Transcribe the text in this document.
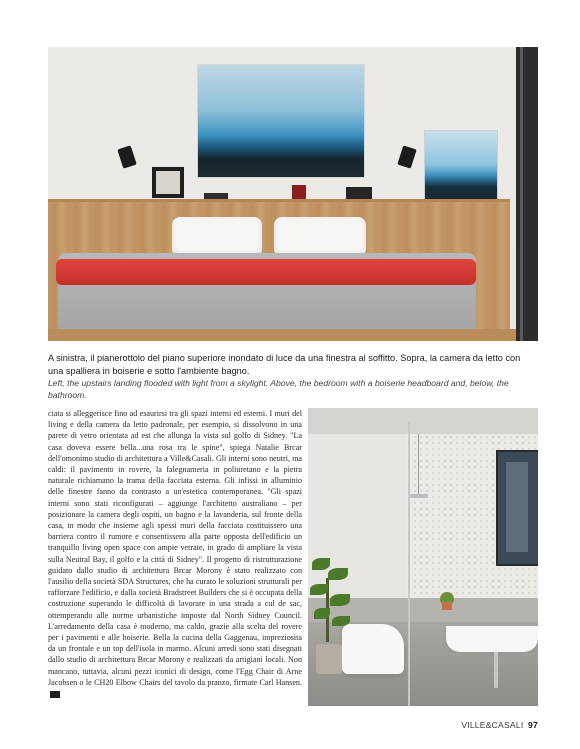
A sinistra, il pianerottolo del piano superiore inondato di luce da una finestra al soffitto. Sopra, la camera da letto con una spalliera in boiserie e sotto l'ambiente bagno.

Left, the upstairs landing flooded with light from a skylight. Above, the bedroom with a boiserie headboard and, below, the bathroom.

ciata si alleggerisce fino ad esaurirsi tra gli spazi interni ed esterni. I muri del living e della camera da letto padronale, per esempio, si dissolvono in una parete di vetro orientata ad est che allunga la vista sul golfo di Sidney. "La casa doveva essere bella...una rosa tra le spine", spiega Natalie Brcar dell'omonimo studio di architettura a Ville&Casali. Gli interni sono neutri, ma caldi: il pavimento in rovere, la falegnameria in poliuretano e la pietra naturale richiamano la trama della facciata esterna. Gli infissi in alluminio delle finestre fanno da contrasto a un'estetica contemporanea. "Gli spazi interni sono stati riconfigurati – aggiunge l'architetto australiano – per posizionare la camera degli ospiti, un bagno e la lavanderia, sul fronte della casa, in modo che insieme agli spessi muri della facciata costituissero una barriera contro il rumore e consentissero alla parte opposta dell'edificio un tranquillo living open space con ampie vetrate, in grado di ampliare la vista sulla Neutral Bay, il golfo e la città di Sidney". Il progetto di ristrutturazione guidato dallo studio di architettura Brcar Morony è stato realizzato con l'ausilio della società SDA Structures, che ha curato le soluzioni strutturali per rafforzare l'edificio, e dalla società Bradstreet Builders che si è occupata della costruzione superando le difficoltà di lavorare in una strada a cul de sac, ottemperando alle norme urbanistiche imposte dal North Sidney Council. L'arredamento della casa è moderno, ma caldo, grazie alla scelta del rovere per i pavimenti e alle boiserie. Bella la cucina della Gaggenau, impreziosita da un frontale e un top dell'isola in marmo. Alcuni arredi sono stati disegnati dallo studio di architettura Brcar Morony e realizzati da artigiani locali. Non mancano, tuttavia, alcuni pezzi iconici di design, come l'Egg Chair di Arne Jacobsen o le CH20 Elbow Chairs del tavolo da pranzo, firmate Carl Hansen.

VILLE&CASALI 97
